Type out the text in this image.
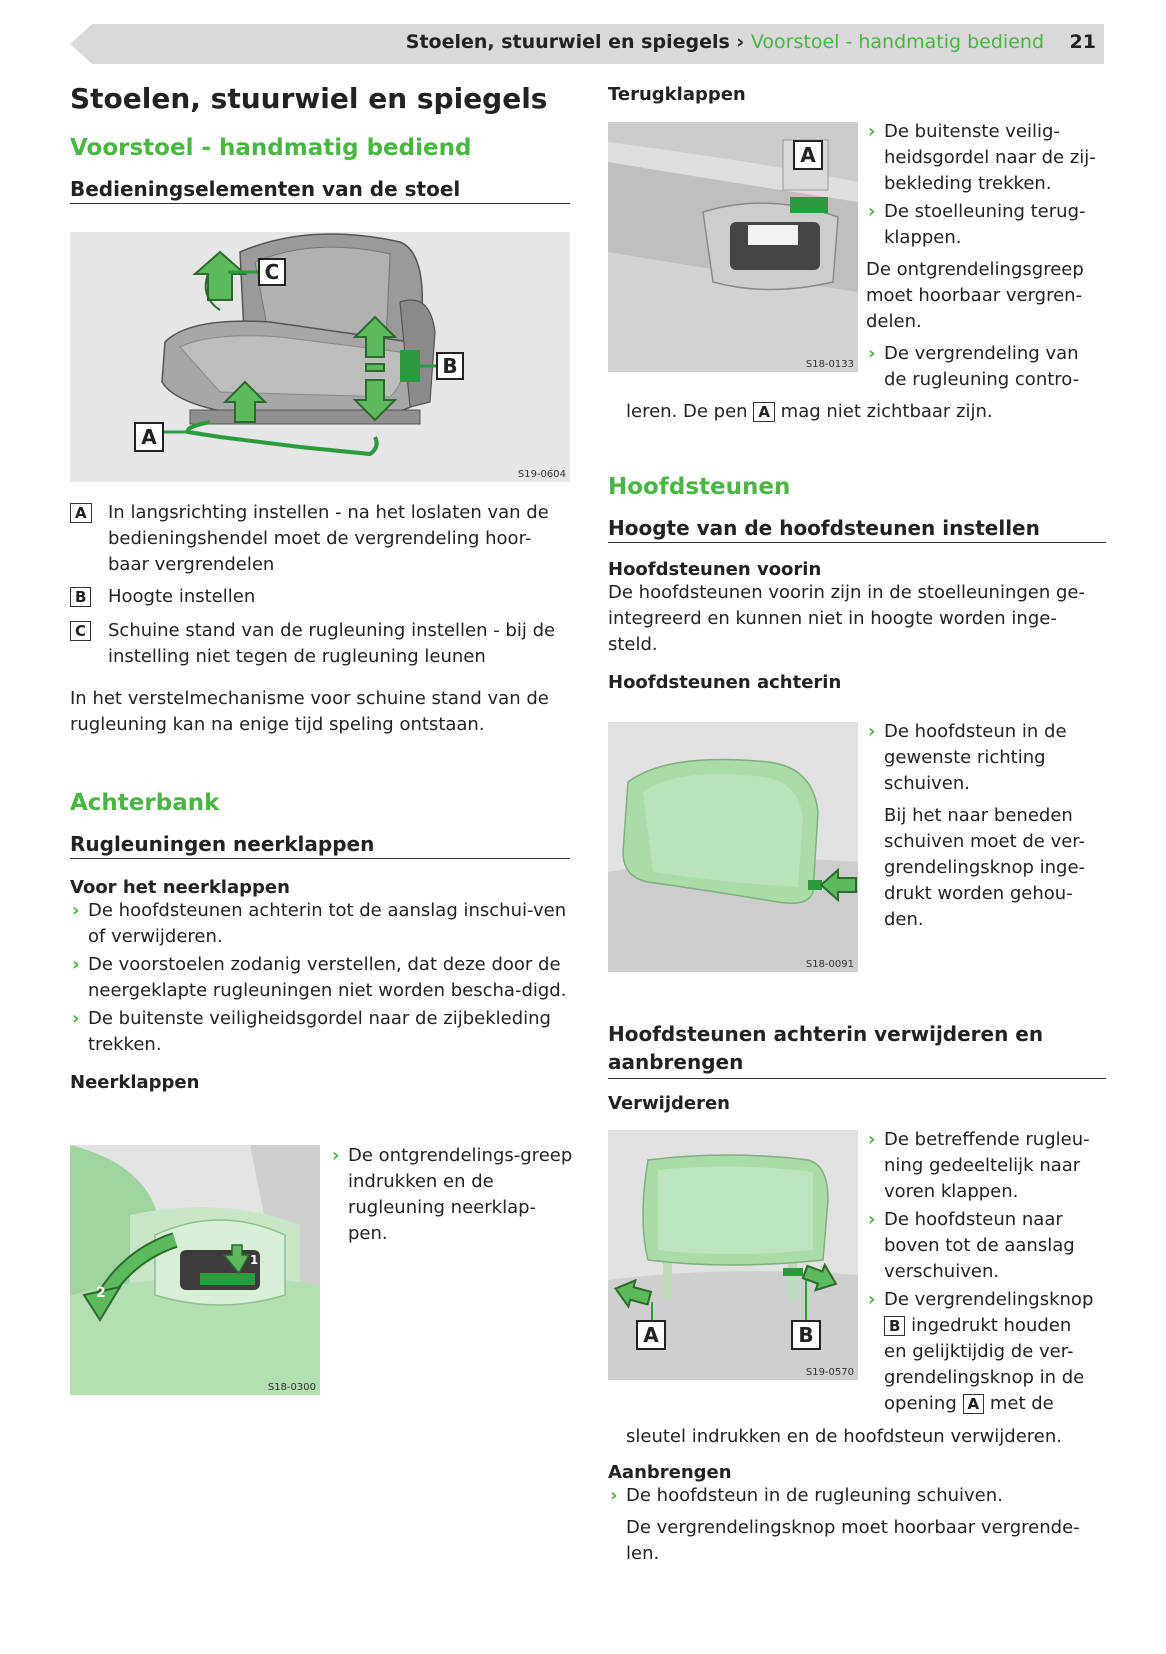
Stoelen, stuurwiel en spiegels › Voorstoel - handmatig bediend 21
Stoelen, stuurwiel en spiegels
Voorstoel - handmatig bediend
Bedieningselementen van de stoel
C
B
A
S19-0604
A In langsrichting instellen - na het loslaten van de bedieningshendel moet de vergrendeling hoor-baar vergrendelen
B Hoogte instellen
C Schuine stand van de rugleuning instellen - bij de instelling niet tegen de rugleuning leunen
In het verstelmechanisme voor schuine stand van de rugleuning kan na enige tijd speling ontstaan.
Achterbank
Rugleuningen neerklappen
Voor het neerklappen
› De hoofdsteunen achterin tot de aanslag inschui-ven of verwijderen.
› De voorstoelen zodanig verstellen, dat deze door de neergeklapte rugleuningen niet worden bescha-digd.
› De buitenste veiligheidsgordel naar de zijbekleding trekken.
Neerklappen
1
2
S18-0300
› De ontgrendelings-greep indrukken en de rugleuning neerklap-pen.
Terugklappen
A
S18-0133
› De buitenste veilig-heidsgordel naar de zij-bekleding trekken.
› De stoelleuning terug-klappen.
De ontgrendelingsgreep moet hoorbaar vergren-delen.
› De vergrendeling van
de rugleuning contro-
leren. De pen A mag niet zichtbaar zijn.
Hoofdsteunen
Hoogte van de hoofdsteunen instellen
Hoofdsteunen voorin
De hoofdsteunen voorin zijn in de stoelleuningen ge-integreerd en kunnen niet in hoogte worden inge-steld.
Hoofdsteunen achterin
S18-0091
› De hoofdsteun in de gewenste richting schuiven.
Bij het naar beneden schuiven moet de ver-grendelingsknop inge-drukt worden gehou-den.
Hoofdsteunen achterin verwijderen en aanbrengen
Verwijderen
A	B
S19-0570
› De betreffende rugleu-ning gedeeltelijk naar voren klappen.
› De hoofdsteun naar boven tot de aanslag verschuiven.
› De vergrendelingsknop
B ingedrukt houden
en gelijktijdig de ver-
grendelingsknop in de
opening A met de
sleutel indrukken en de hoofdsteun verwijderen.
Aanbrengen
› De hoofdsteun in de rugleuning schuiven.
De vergrendelingsknop moet hoorbaar vergrende-len.
